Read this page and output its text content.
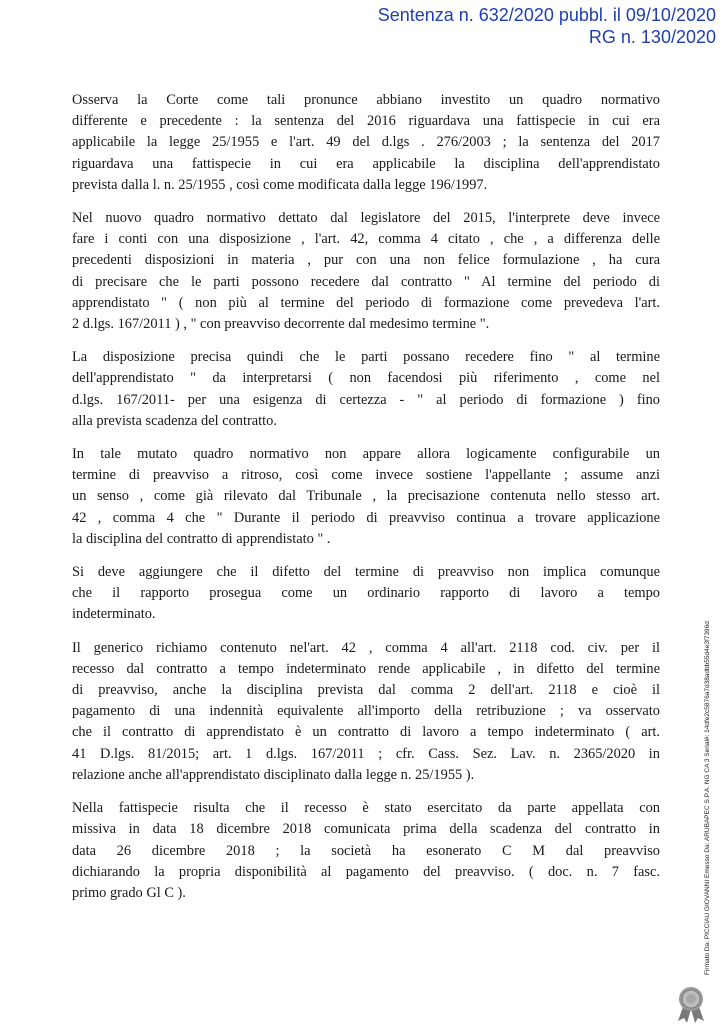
Sentenza n. 632/2020 pubbl. il 09/10/2020
RG n. 130/2020
Osserva la Corte come tali pronunce abbiano investito un quadro normativo
differente e precedente : la sentenza del 2016 riguardava una fattispecie in cui era
applicabile la legge 25/1955 e l'art. 49 del d.lgs . 276/2003 ; la sentenza del 2017
riguardava una fattispecie in cui era applicabile la disciplina dell'apprendistato
prevista dalla l. n. 25/1955 , così come modificata dalla legge 196/1997.
Nel nuovo quadro normativo dettato dal legislatore del 2015, l'interprete deve invece
fare i conti con una disposizione , l'art. 42, comma 4 citato , che , a differenza delle
precedenti disposizioni in materia , pur con una non felice formulazione , ha cura
di precisare che le parti possono recedere dal contratto " Al termine del periodo di
apprendistato " ( non più al termine del periodo di formazione come prevedeva l'art.
2 d.lgs. 167/2011 ) , " con preavviso decorrente dal medesimo termine ".
La disposizione precisa quindi che le parti possano recedere fino " al termine
dell'apprendistato " da interpretarsi ( non facendosi più riferimento , come nel
d.lgs. 167/2011- per una esigenza di certezza - " al periodo di formazione ) fino
alla prevista scadenza del contratto.
In tale mutato quadro normativo non appare allora logicamente configurabile un
termine di preavviso a ritroso, così come invece sostiene l'appellante ; assume anzi
un senso , come già rilevato dal Tribunale , la precisazione contenuta nello stesso art.
42 , comma 4 che " Durante il periodo di preavviso continua a trovare applicazione
la disciplina del contratto di apprendistato " .
Si deve aggiungere che il difetto del termine di preavviso non implica comunque
che il rapporto prosegua come un ordinario rapporto di lavoro a tempo
indeterminato.
Il generico richiamo contenuto nel'art. 42 , comma 4 all'art. 2118 cod. civ. per il
recesso dal contratto a tempo indeterminato rende applicabile , in difetto del termine
di preavviso, anche la disciplina prevista dal comma 2 dell'art. 2118 e cioè il
pagamento di una indennità equivalente all'importo della retribuzione ; va osservato
che il contratto di apprendistato è un contratto di lavoro a tempo indeterminato ( art.
41 D.lgs. 81/2015; art. 1 d.lgs. 167/2011 ; cfr. Cass. Sez. Lav. n. 2365/2020 in
relazione anche all'apprendistato disciplinato dalla legge n. 25/1955 ).
Nella fattispecie risulta che il recesso è stato esercitato da parte appellata con
missiva in data 18 dicembre 2018 comunicata prima della scadenza del contratto in
data 26 dicembre 2018 ; la società ha esonerato C M dal preavviso
dichiarando la propria disponibilità al pagamento del preavviso. ( doc. n. 7 fasc.
primo grado Gl C ).	Firmato Da: PICCIAU GIOVANNI Emesso Da: ARUBAPEC S.P.A. NG CA 3 Serial#: 14dfe2c5876a7d38adbb55d4e3f7396d
